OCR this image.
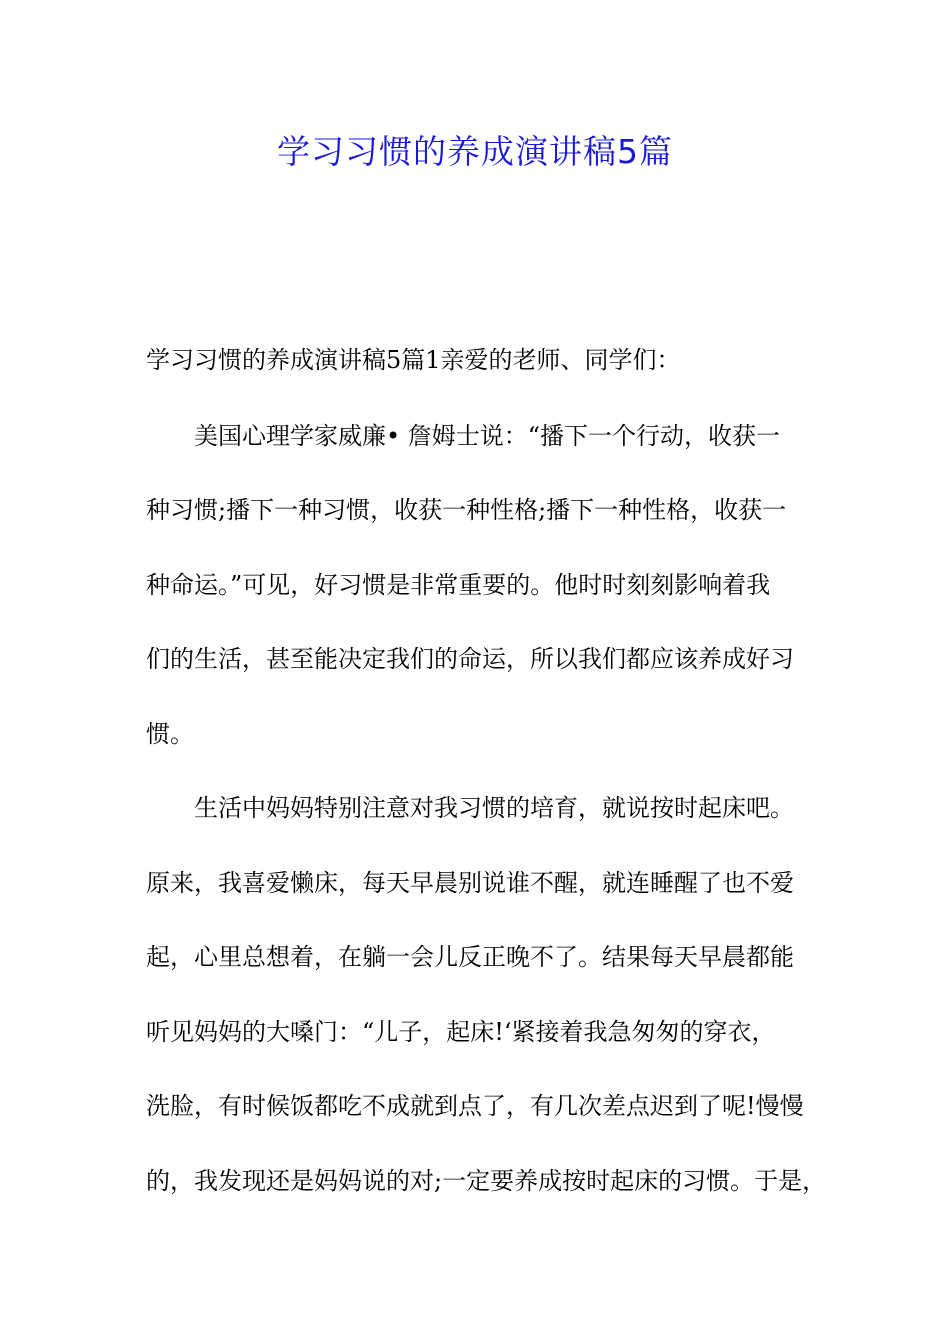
学习习惯的养成演讲稿5篇
学习习惯的养成演讲稿5篇1亲爱的老师、同学们：
美国心理学家威廉• 詹姆士说：“播下一个行动，收获一
种习惯;播下一种习惯，收获一种性格;播下一种性格，收获一
种命运。”可见，好习惯是非常重要的。他时时刻刻影响着我
们的生活，甚至能决定我们的命运，所以我们都应该养成好习
惯。
生活中妈妈特别注意对我习惯的培育，就说按时起床吧。
原来，我喜爱懒床，每天早晨别说谁不醒，就连睡醒了也不爱
起，心里总想着，在躺一会儿反正晚不了。结果每天早晨都能
听见妈妈的大嗓门：“儿子，起床!‘紧接着我急匆匆的穿衣，
洗脸，有时候饭都吃不成就到点了，有几次差点迟到了呢!慢慢
的，我发现还是妈妈说的对;一定要养成按时起床的习惯。于是，
